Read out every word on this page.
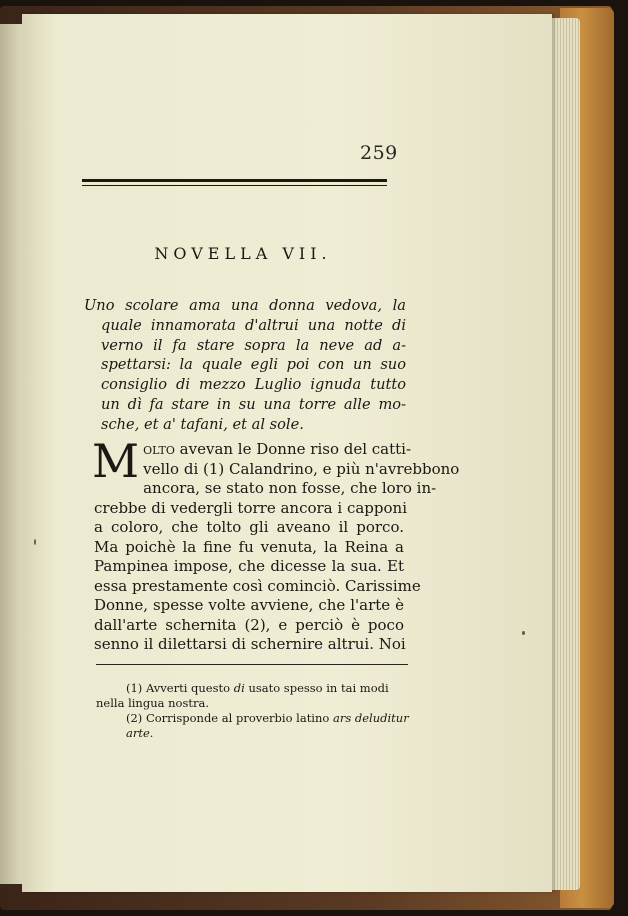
259
NOVELLA VII.
Uno scolare ama una donna vedova, la
quale innamorata d'altrui una notte di
verno il fa stare sopra la neve ad a-
spettarsi: la quale egli poi con un suo
consiglio di mezzo Luglio ignuda tutto
un dì fa stare in su una torre alle mo-
sche, et a' tafani, et al sole.
M olto avevan le Donne riso del catti-
vello di (1) Calandrino, e più n'avrebbono
ancora, se stato non fosse, che loro in-
crebbe di vedergli torre ancora i capponi
a coloro, che tolto gli aveano il porco.
Ma poichè la fine fu venuta, la Reina a
Pampinea impose, che dicesse la sua. Et
essa prestamente così cominciò. Carissime
Donne, spesse volte avviene, che l'arte è
dall'arte schernita (2), e perciò è poco
senno il dilettarsi di schernire altrui. Noi
(1) Avverti questo di usato spesso in tai modi nella lingua nostra.
(2) Corrisponde al proverbio latino ars deluditur arte.
